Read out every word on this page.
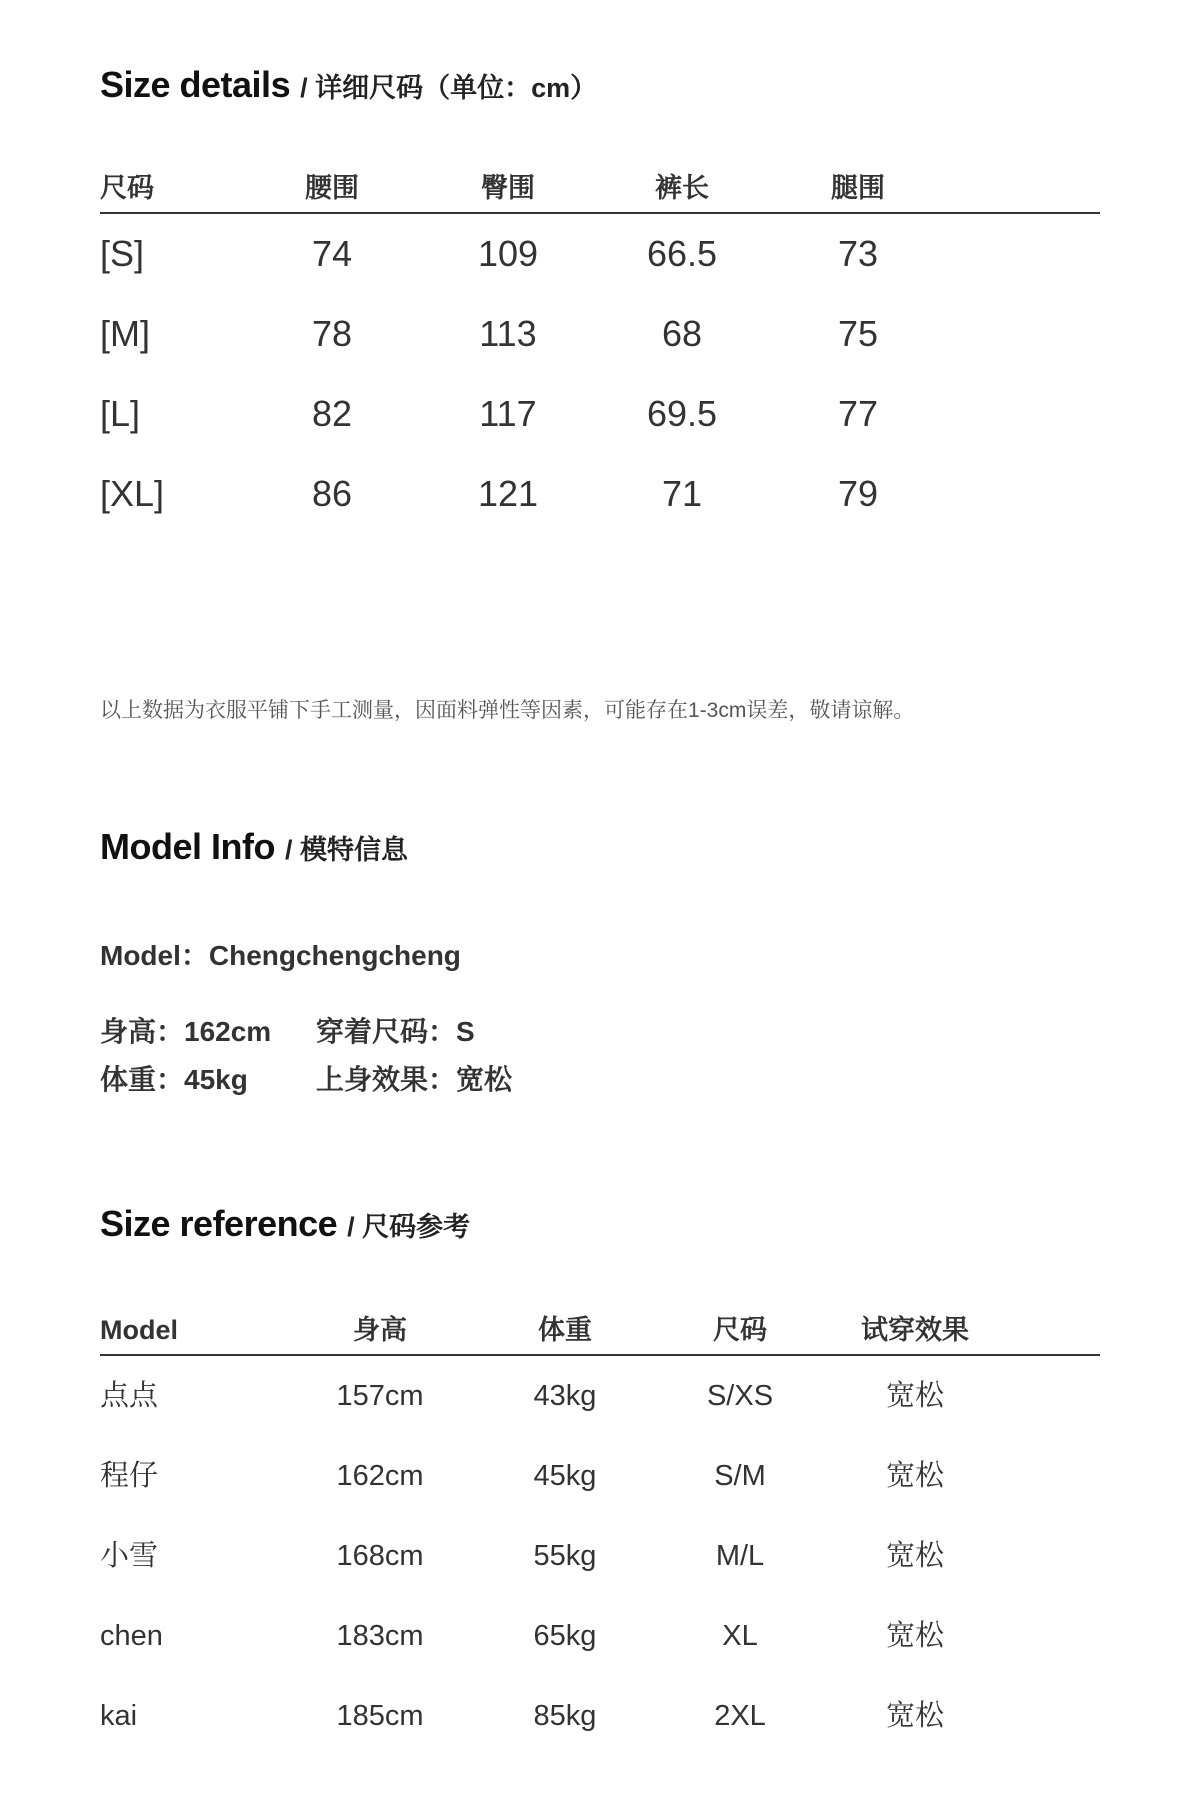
Size details / 详细尺码（单位：cm）
尺码	腰围	臀围	裤长	腿围
[S]	74	109	66.5	73
[M]	78	113	68	75
[L]	82	117	69.5	77
[XL]	86	121	71	79
以上数据为衣服平铺下手工测量，因面料弹性等因素，可能存在1-3cm误差，敬请谅解。
Model Info / 模特信息
Model：Chengchengcheng
身高：162cm 穿着尺码：S
体重：45kg 上身效果：宽松
Size reference / 尺码参考
Model	身高	体重	尺码	试穿效果
点点	157cm	43kg	S/XS	宽松
程仔	162cm	45kg	S/M	宽松
小雪	168cm	55kg	M/L	宽松
chen	183cm	65kg	XL	宽松
kai	185cm	85kg	2XL	宽松
